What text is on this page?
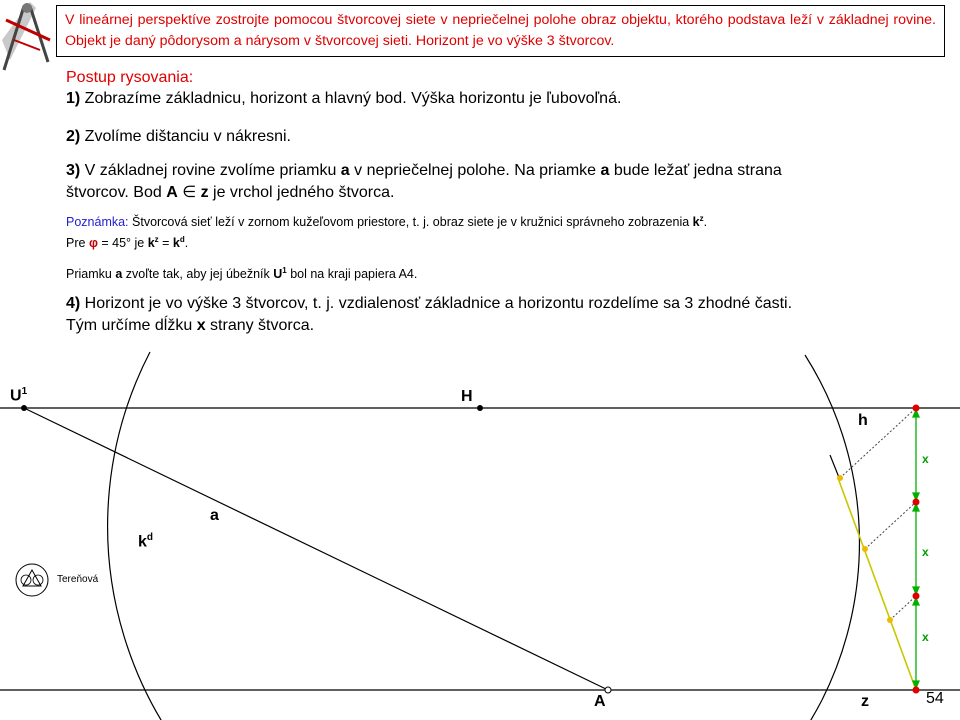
V lineárnej perspektíve zostrojte pomocou štvorcovej siete v nepriečelnej polohe obraz objektu, ktorého podstava leží v základnej rovine. Objekt je daný pôdorysom a nárysom v štvorcovej sieti. Horizont je vo výške 3 štvorcov.
Postup rysovania:

1) Zobrazíme základnicu, horizont a hlavný bod. Výška horizontu je ľubovoľná.

2) Zvolíme dištanciu v nákresni.

3) V základnej rovine zvolíme priamku a v nepriečelnej polohe. Na priamke a bude ležať jedna strana
štvorcov. Bod A ∈ z je vrchol jedného štvorca.

Poznámka: Štvorcová sieť leží v zornom kužeľovom priestore, t. j. obraz siete je v kružnici správneho zobrazenia $k^z$.
Pre φ = 45° je $k^z = k^d$.
Priamku a zvoľte tak, aby jej úbežník $U^1$ bol na kraji papiera A4.

4) Horizont je vo výške 3 štvorcov, t. j. vzdialenosť základnice a horizontu rozdelíme sa 3 zhodné časti.
Tým určíme dĺžku x strany štvorca.

$U^1$	H
h
a
$k^d$
A	z
x
x
x
Tereňová
54
